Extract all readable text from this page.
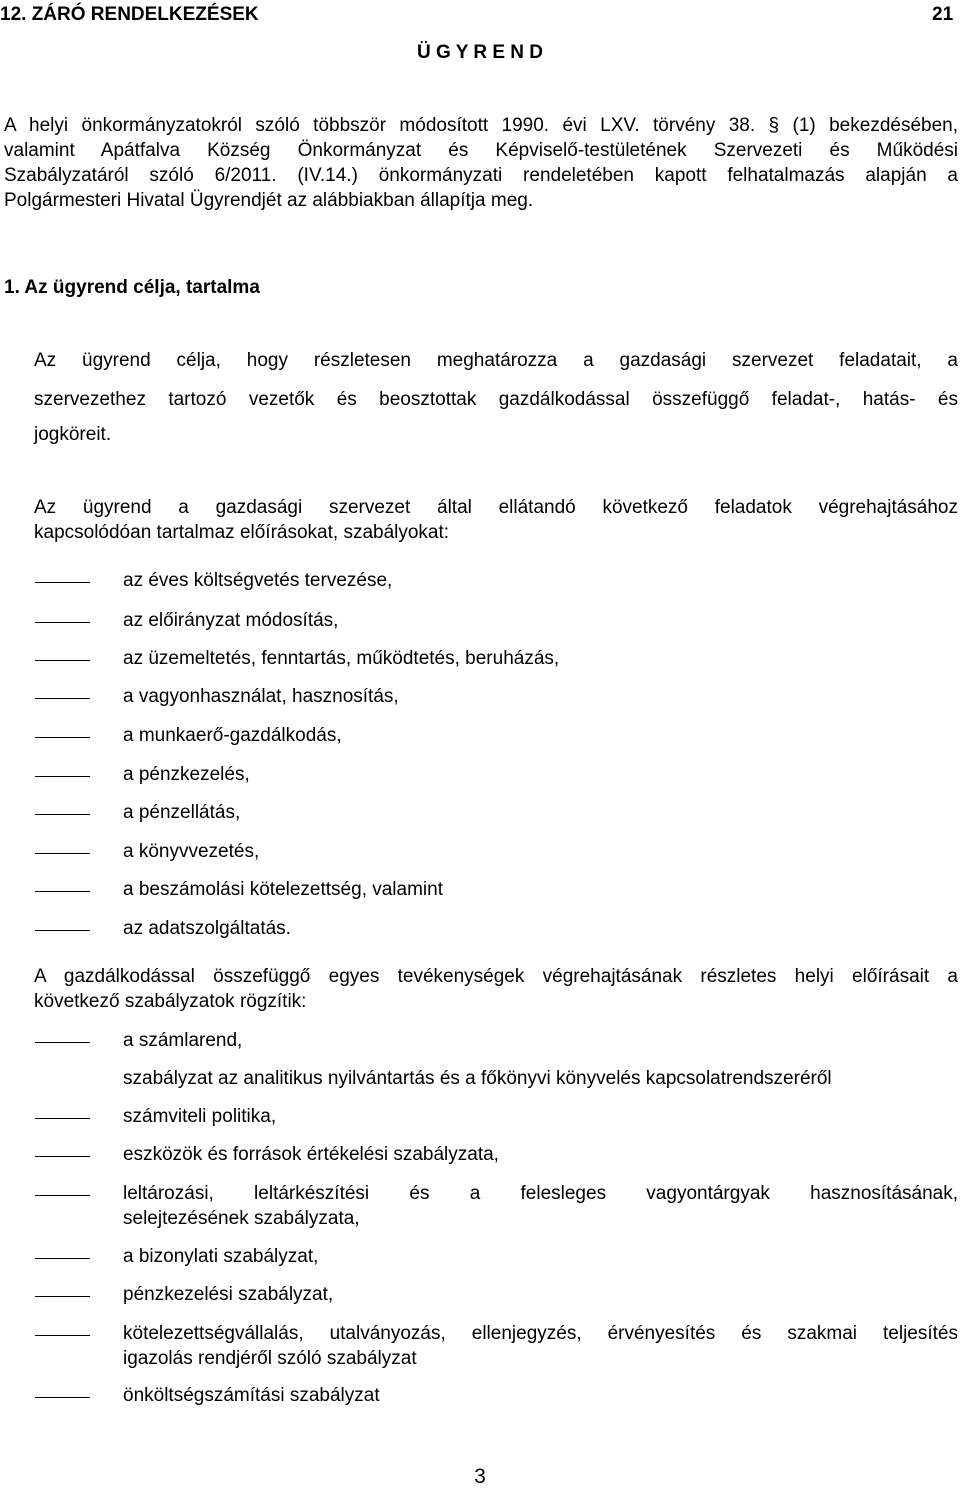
12. ZÁRÓ RENDELKEZÉSEK	21
Ü G Y R E N D
A helyi önkormányzatokról szóló többször módosított 1990. évi LXV. törvény 38. § (1) bekezdésében,
valamint Apátfalva Község Önkormányzat és Képviselő-testületének Szervezeti és Működési
Szabályzatáról szóló 6/2011. (IV.14.) önkormányzati rendeletében kapott felhatalmazás alapján a
Polgármesteri Hivatal Ügyrendjét az alábbiakban állapítja meg.
1. Az ügyrend célja, tartalma
Az ügyrend célja, hogy részletesen meghatározza a gazdasági szervezet feladatait, a
szervezethez tartozó vezetők és beosztottak gazdálkodással összefüggő feladat-, hatás- és
jogköreit.
Az ügyrend a gazdasági szervezet által ellátandó következő feladatok végrehajtásához
kapcsolódóan tartalmaz előírásokat, szabályokat:
az éves költségvetés tervezése,
az előirányzat módosítás,
az üzemeltetés, fenntartás, működtetés, beruházás,
a vagyonhasználat, hasznosítás,
a munkaerő-gazdálkodás,
a pénzkezelés,
a pénzellátás,
a könyvvezetés,
a beszámolási kötelezettség, valamint
az adatszolgáltatás.
A gazdálkodással összefüggő egyes tevékenységek végrehajtásának részletes helyi előírásait a
következő szabályzatok rögzítik:
a számlarend,
szabályzat az analitikus nyilvántartás és a főkönyvi könyvelés kapcsolatrendszeréről
számviteli politika,
eszközök és források értékelési szabályzata,
leltározási, leltárkészítési és a felesleges vagyontárgyak hasznosításának,
selejtezésének szabályzata,
a bizonylati szabályzat,
pénzkezelési szabályzat,
kötelezettségvállalás, utalványozás, ellenjegyzés, érvényesítés és szakmai teljesítés
igazolás rendjéről szóló szabályzat
önköltségszámítási szabályzat
3
